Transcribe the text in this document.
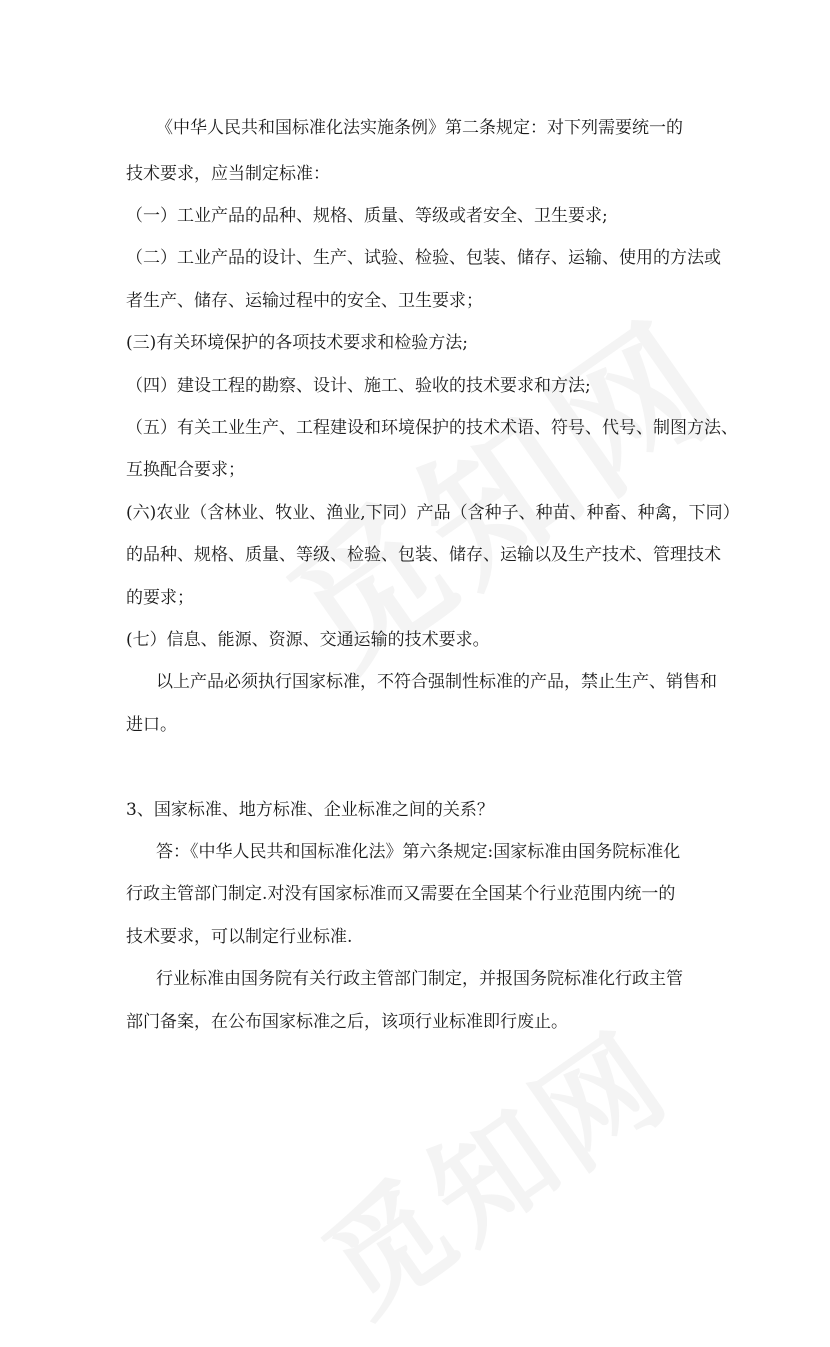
《中华人民共和国标准化法实施条例》第二条规定：对下列需要统一的
技术要求，应当制定标准：
（一）工业产品的品种、规格、质量、等级或者安全、卫生要求;
（二）工业产品的设计、生产、试验、检验、包装、储存、运输、使用的方法或
者生产、储存、运输过程中的安全、卫生要求；
(三)有关环境保护的各项技术要求和检验方法;
（四）建设工程的勘察、设计、施工、验收的技术要求和方法;
（五）有关工业生产、工程建设和环境保护的技术术语、符号、代号、制图方法、
互换配合要求；
(六)农业（含林业、牧业、渔业,下同）产品（含种子、种苗、种畜、种禽，下同）
的品种、规格、质量、等级、检验、包装、储存、运输以及生产技术、管理技术
的要求；
(七）信息、能源、资源、交通运输的技术要求。
以上产品必须执行国家标准，不符合强制性标准的产品，禁止生产、销售和
进口。
3、国家标准、地方标准、企业标准之间的关系？
答：《中华人民共和国标准化法》第六条规定:国家标准由国务院标准化
行政主管部门制定.对没有国家标准而又需要在全国某个行业范围内统一的
技术要求，可以制定行业标准.
行业标准由国务院有关行政主管部门制定，并报国务院标准化行政主管
部门备案，在公布国家标准之后，该项行业标准即行废止。
